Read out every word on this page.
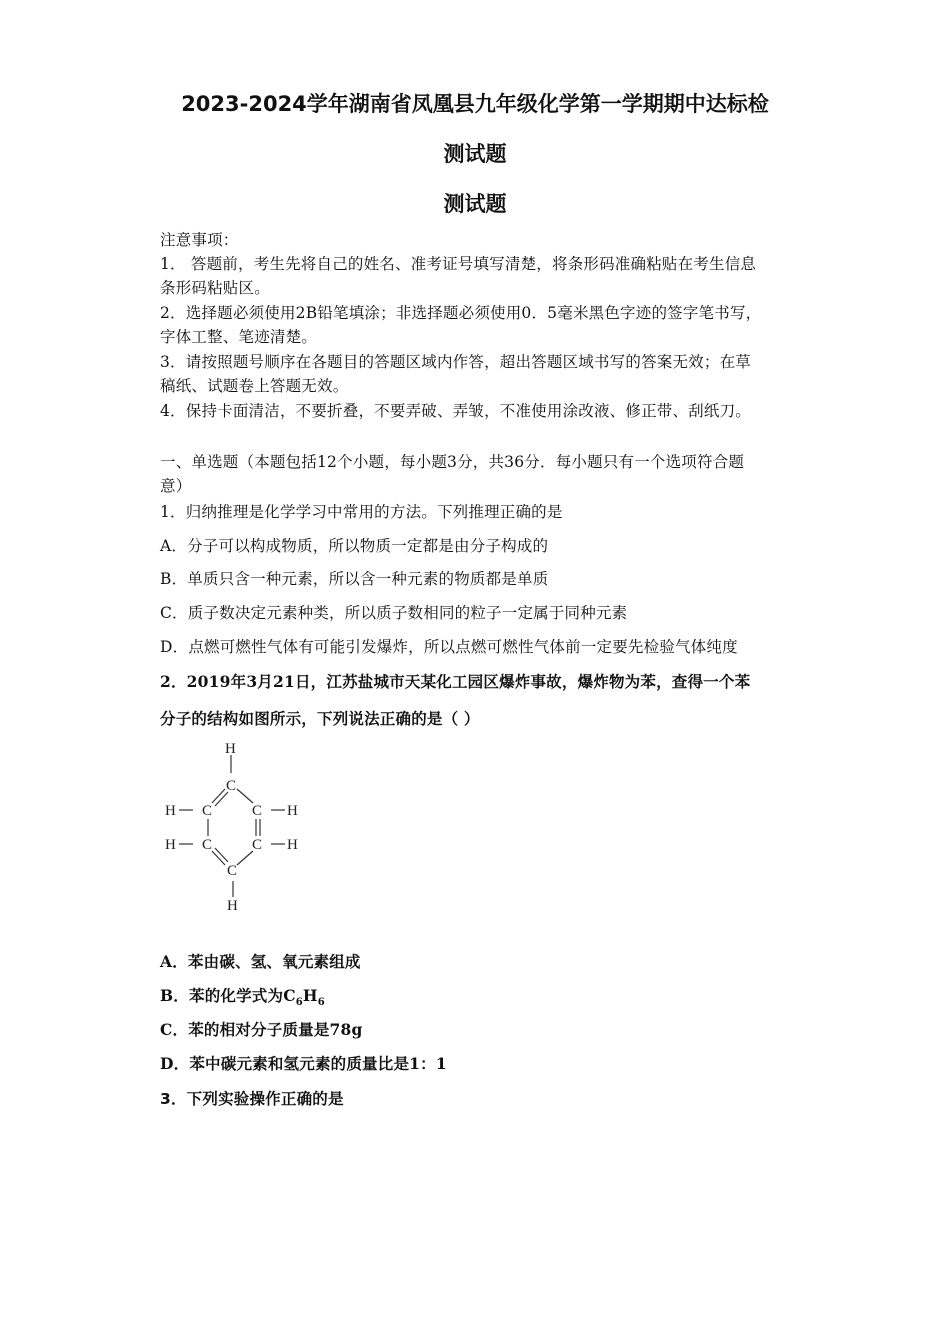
2023-2024学年湖南省凤凰县九年级化学第一学期期中达标检
测试题
测试题
注意事项：
1． 答题前，考生先将自己的姓名、准考证号填写清楚，将条形码准确粘贴在考生信息
条形码粘贴区。
2．选择题必须使用2B铅笔填涂；非选择题必须使用0．5毫米黑色字迹的签字笔书写，
字体工整、笔迹清楚。
3．请按照题号顺序在各题目的答题区域内作答，超出答题区域书写的答案无效；在草
稿纸、试题卷上答题无效。
4．保持卡面清洁，不要折叠，不要弄破、弄皱，不准使用涂改液、修正带、刮纸刀。
一、单选题（本题包括12个小题，每小题3分，共36分．每小题只有一个选项符合题
意）
1．归纳推理是化学学习中常用的方法。下列推理正确的是
A．分子可以构成物质，所以物质一定都是由分子构成的
B．单质只含一种元素，所以含一种元素的物质都是单质
C．质子数决定元素种类，所以质子数相同的粒子一定属于同种元素
D．点燃可燃性气体有可能引发爆炸，所以点燃可燃性气体前一定要先检验气体纯度
2．2019年3月21日，江苏盐城市天某化工园区爆炸事故，爆炸物为苯，查得一个苯
分子的结构如图所示，下列说法正确的是（ ）
H
C
H C	C H
H C	C H
C
H
A．苯由碳、氢、氧元素组成
B．苯的化学式为$C_6H_6$
C．苯的相对分子质量是78g
D．苯中碳元素和氢元素的质量比是1：1
3．下列实验操作正确的是
